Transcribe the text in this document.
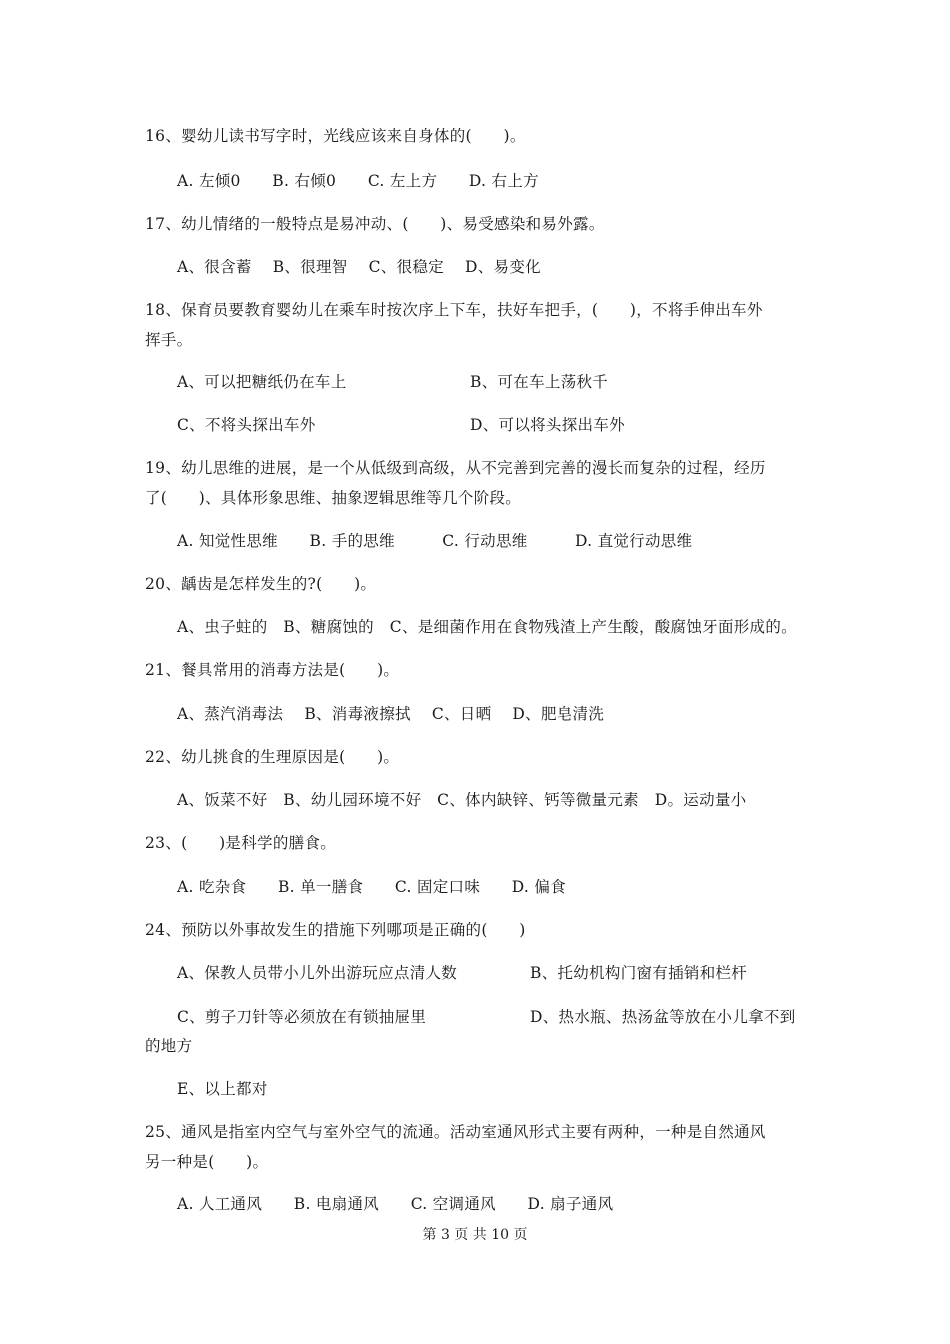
16、婴幼儿读书写字时，光线应该来自身体的(　　)。
A. 左倾0　　B. 右倾0　　C. 左上方　　D. 右上方
17、幼儿情绪的一般特点是易冲动、(　　)、易受感染和易外露。
A、很含蓄　 B、很理智　 C、很稳定　 D、易变化
18、保育员要教育婴幼儿在乘车时按次序上下车，扶好车把手，(　　)，不将手伸出车外
挥手。
A、可以把糖纸仍在车上	B、可在车上荡秋千
C、不将头探出车外	D、可以将头探出车外
19、幼儿思维的进展，是一个从低级到高级，从不完善到完善的漫长而复杂的过程，经历
了(　　)、具体形象思维、抽象逻辑思维等几个阶段。
A. 知觉性思维　　B. 手的思维　　　C. 行动思维　　　D. 直觉行动思维
20、龋齿是怎样发生的?(　　)。
A、虫子蛀的　B、糖腐蚀的　C、是细菌作用在食物残渣上产生酸，酸腐蚀牙面形成的。
21、餐具常用的消毒方法是(　　)。
A、蒸汽消毒法　 B、消毒液擦拭　 C、日晒　 D、肥皂清洗
22、幼儿挑食的生理原因是(　　)。
A、饭菜不好　B、幼儿园环境不好　C、体内缺锌、钙等微量元素　D。运动量小
23、(　　)是科学的膳食。
A. 吃杂食　　B. 单一膳食　　C. 固定口味　　D. 偏食
24、预防以外事故发生的措施下列哪项是正确的(　　)
A、保教人员带小儿外出游玩应点清人数	B、托幼机构门窗有插销和栏杆
C、剪子刀针等必须放在有锁抽屉里	D、热水瓶、热汤盆等放在小儿拿不到
的地方
E、以上都对
25、通风是指室内空气与室外空气的流通。活动室通风形式主要有两种，一种是自然通风
另一种是(　　)。
A. 人工通风　　B. 电扇通风　　C. 空调通风　　D. 扇子通风
第 3 页 共 10 页
